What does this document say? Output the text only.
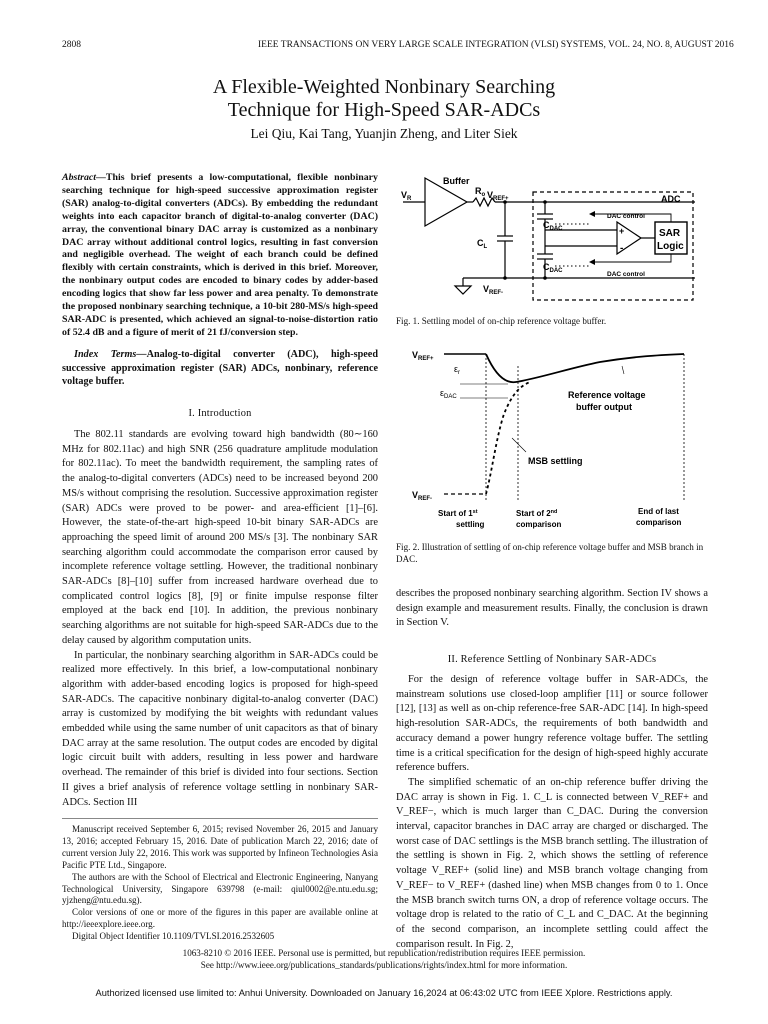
2808	IEEE TRANSACTIONS ON VERY LARGE SCALE INTEGRATION (VLSI) SYSTEMS, VOL. 24, NO. 8, AUGUST 2016
A Flexible-Weighted Nonbinary Searching
Technique for High-Speed SAR-ADCs
Lei Qiu, Kai Tang, Yuanjin Zheng, and Liter Siek
Abstract—This brief presents a low-computational, flexible nonbinary searching technique for high-speed successive approximation register (SAR) analog-to-digital converters (ADCs). By embedding the redundant weights into each capacitor branch of digital-to-analog converter (DAC) array, the conventional binary DAC array is customized as a nonbinary DAC array without additional control logics, resulting in fast conversion and negligible overhead. The weight of each branch could be defined flexibly with certain constraints, which is derived in this brief. Moreover, the nonbinary output codes are encoded to binary codes by adder-based encoding logics that show far less power and area penalty. To demonstrate the proposed nonbinary searching technique, a 10-bit 280-MS/s high-speed SAR-ADC is presented, which achieved an signal-to-noise-distortion ratio of 52.4 dB and a figure of merit of 21 fJ/conversion step.
Index Terms—Analog-to-digital converter (ADC), high-speed successive approximation register (SAR) ADCs, nonbinary, reference voltage buffer.
I. Introduction

The 802.11 standards are evolving toward high bandwidth (80∼160 MHz for 802.11ac) and high SNR (256 quadrature amplitude modulation for 802.11ac). To meet the bandwidth requirement, the sampling rates of the analog-to-digital converters (ADCs) need to be increased beyond 200 MS/s without comprising the resolution. Successive approximation register (SAR) ADCs were proved to be power- and area-efficient [1]–[6]. However, the state-of-the-art high-speed 10-bit binary SAR-ADCs are approaching the speed limit of around 200 MS/s [3]. The nonbinary SAR searching algorithm could accommodate the comparison error caused by incomplete reference voltage settling. However, the traditional nonbinary SAR-ADCs [8]–[10] suffer from increased hardware overhead due to complicated control logics [8], [9] or finite impulse response filter employed at the back end [10]. In addition, the previous nonbinary searching algorithms are not suitable for high-speed SAR-ADCs due to the delay caused by algorithm computation units.

In particular, the nonbinary searching algorithm in SAR-ADCs could be realized more effectively. In this brief, a low-computational nonbinary algorithm with adder-based encoding logics is proposed for high-speed SAR-ADCs. The capacitive nonbinary digital-to-analog converter (DAC) array is customized by modifying the bit weights with redundant values embedded while using the same number of unit capacitors as that of binary DAC array at the same resolution. The output codes are encoded by digital logic circuit built with adders, resulting in less power and hardware overhead. The remainder of this brief is divided into four sections. Section II gives a brief analysis of reference voltage settling in nonbinary SAR-ADCs. Section III

Manuscript received September 6, 2015; revised November 26, 2015 and January 13, 2016; accepted February 15, 2016. Date of publication March 22, 2016; date of current version July 22, 2016. This work was supported by Infineon Technologies Asia Pacific PTE Ltd., Singapore.

The authors are with the School of Electrical and Electronic Engineering, Nanyang Technological University, Singapore 639798 (e-mail: qiul0002@e.ntu.edu.sg; yjzheng@ntu.edu.sg).

Color versions of one or more of the figures in this paper are available online at http://ieeexplore.ieee.org.

Digital Object Identifier 10.1109/TVLSI.2016.2532605

Buffer
$V_R$
$R_o$ $V_{REF+}$
$V_{REF-}$
$C_L$
ADC
$C_{DAC}$
$C_{DAC}$
DAC control
DAC control
SAR
Logic
+
-
Fig. 1. Settling model of on-chip reference voltage buffer.
$V_{REF+}$
$V_{REF-}$
$\varepsilon_r$
$\varepsilon_{DAC}$	Reference voltage
buffer output
MSB settling
Start of 1st
settling
Start of 2nd
comparison
End of last
comparison
Fig. 2. Illustration of settling of on-chip reference voltage buffer and MSB branch in DAC.
describes the proposed nonbinary searching algorithm. Section IV shows a design example and measurement results. Finally, the conclusion is drawn in Section V.
II. Reference Settling of Nonbinary SAR-ADCs

For the design of reference voltage buffer in SAR-ADCs, the mainstream solutions use closed-loop amplifier [11] or source follower [12], [13] as well as on-chip reference-free SAR-ADC [14]. In high-speed high-resolution SAR-ADCs, the requirements of both bandwidth and accuracy demand a power hungry reference voltage buffer. The settling time is a critical specification for the design of high-speed highly accurate reference buffers.

The simplified schematic of an on-chip reference buffer driving the DAC array is shown in Fig. 1. C_L is connected between V_REF+ and V_REF−, which is much larger than C_DAC. During the conversion interval, capacitor branches in DAC array are charged or discharged. The worst case of DAC settlings is the MSB branch settling. The illustration of the settling is shown in Fig. 2, which shows the settling of reference voltage V_REF+ (solid line) and MSB branch voltage changing from V_REF− to V_REF+ (dashed line) when MSB changes from 0 to 1. Once the MSB branch switch turns ON, a drop of reference voltage occurs. The voltage drop is related to the ratio of C_L and C_DAC. At the beginning of the second comparison, an incomplete settling could affect the comparison result. In Fig. 2,

1063-8210 © 2016 IEEE. Personal use is permitted, but republication/redistribution requires IEEE permission.
See http://www.ieee.org/publications_standards/publications/rights/index.html for more information.
Authorized licensed use limited to: Anhui University. Downloaded on January 16,2024 at 06:43:02 UTC from IEEE Xplore. Restrictions apply.
